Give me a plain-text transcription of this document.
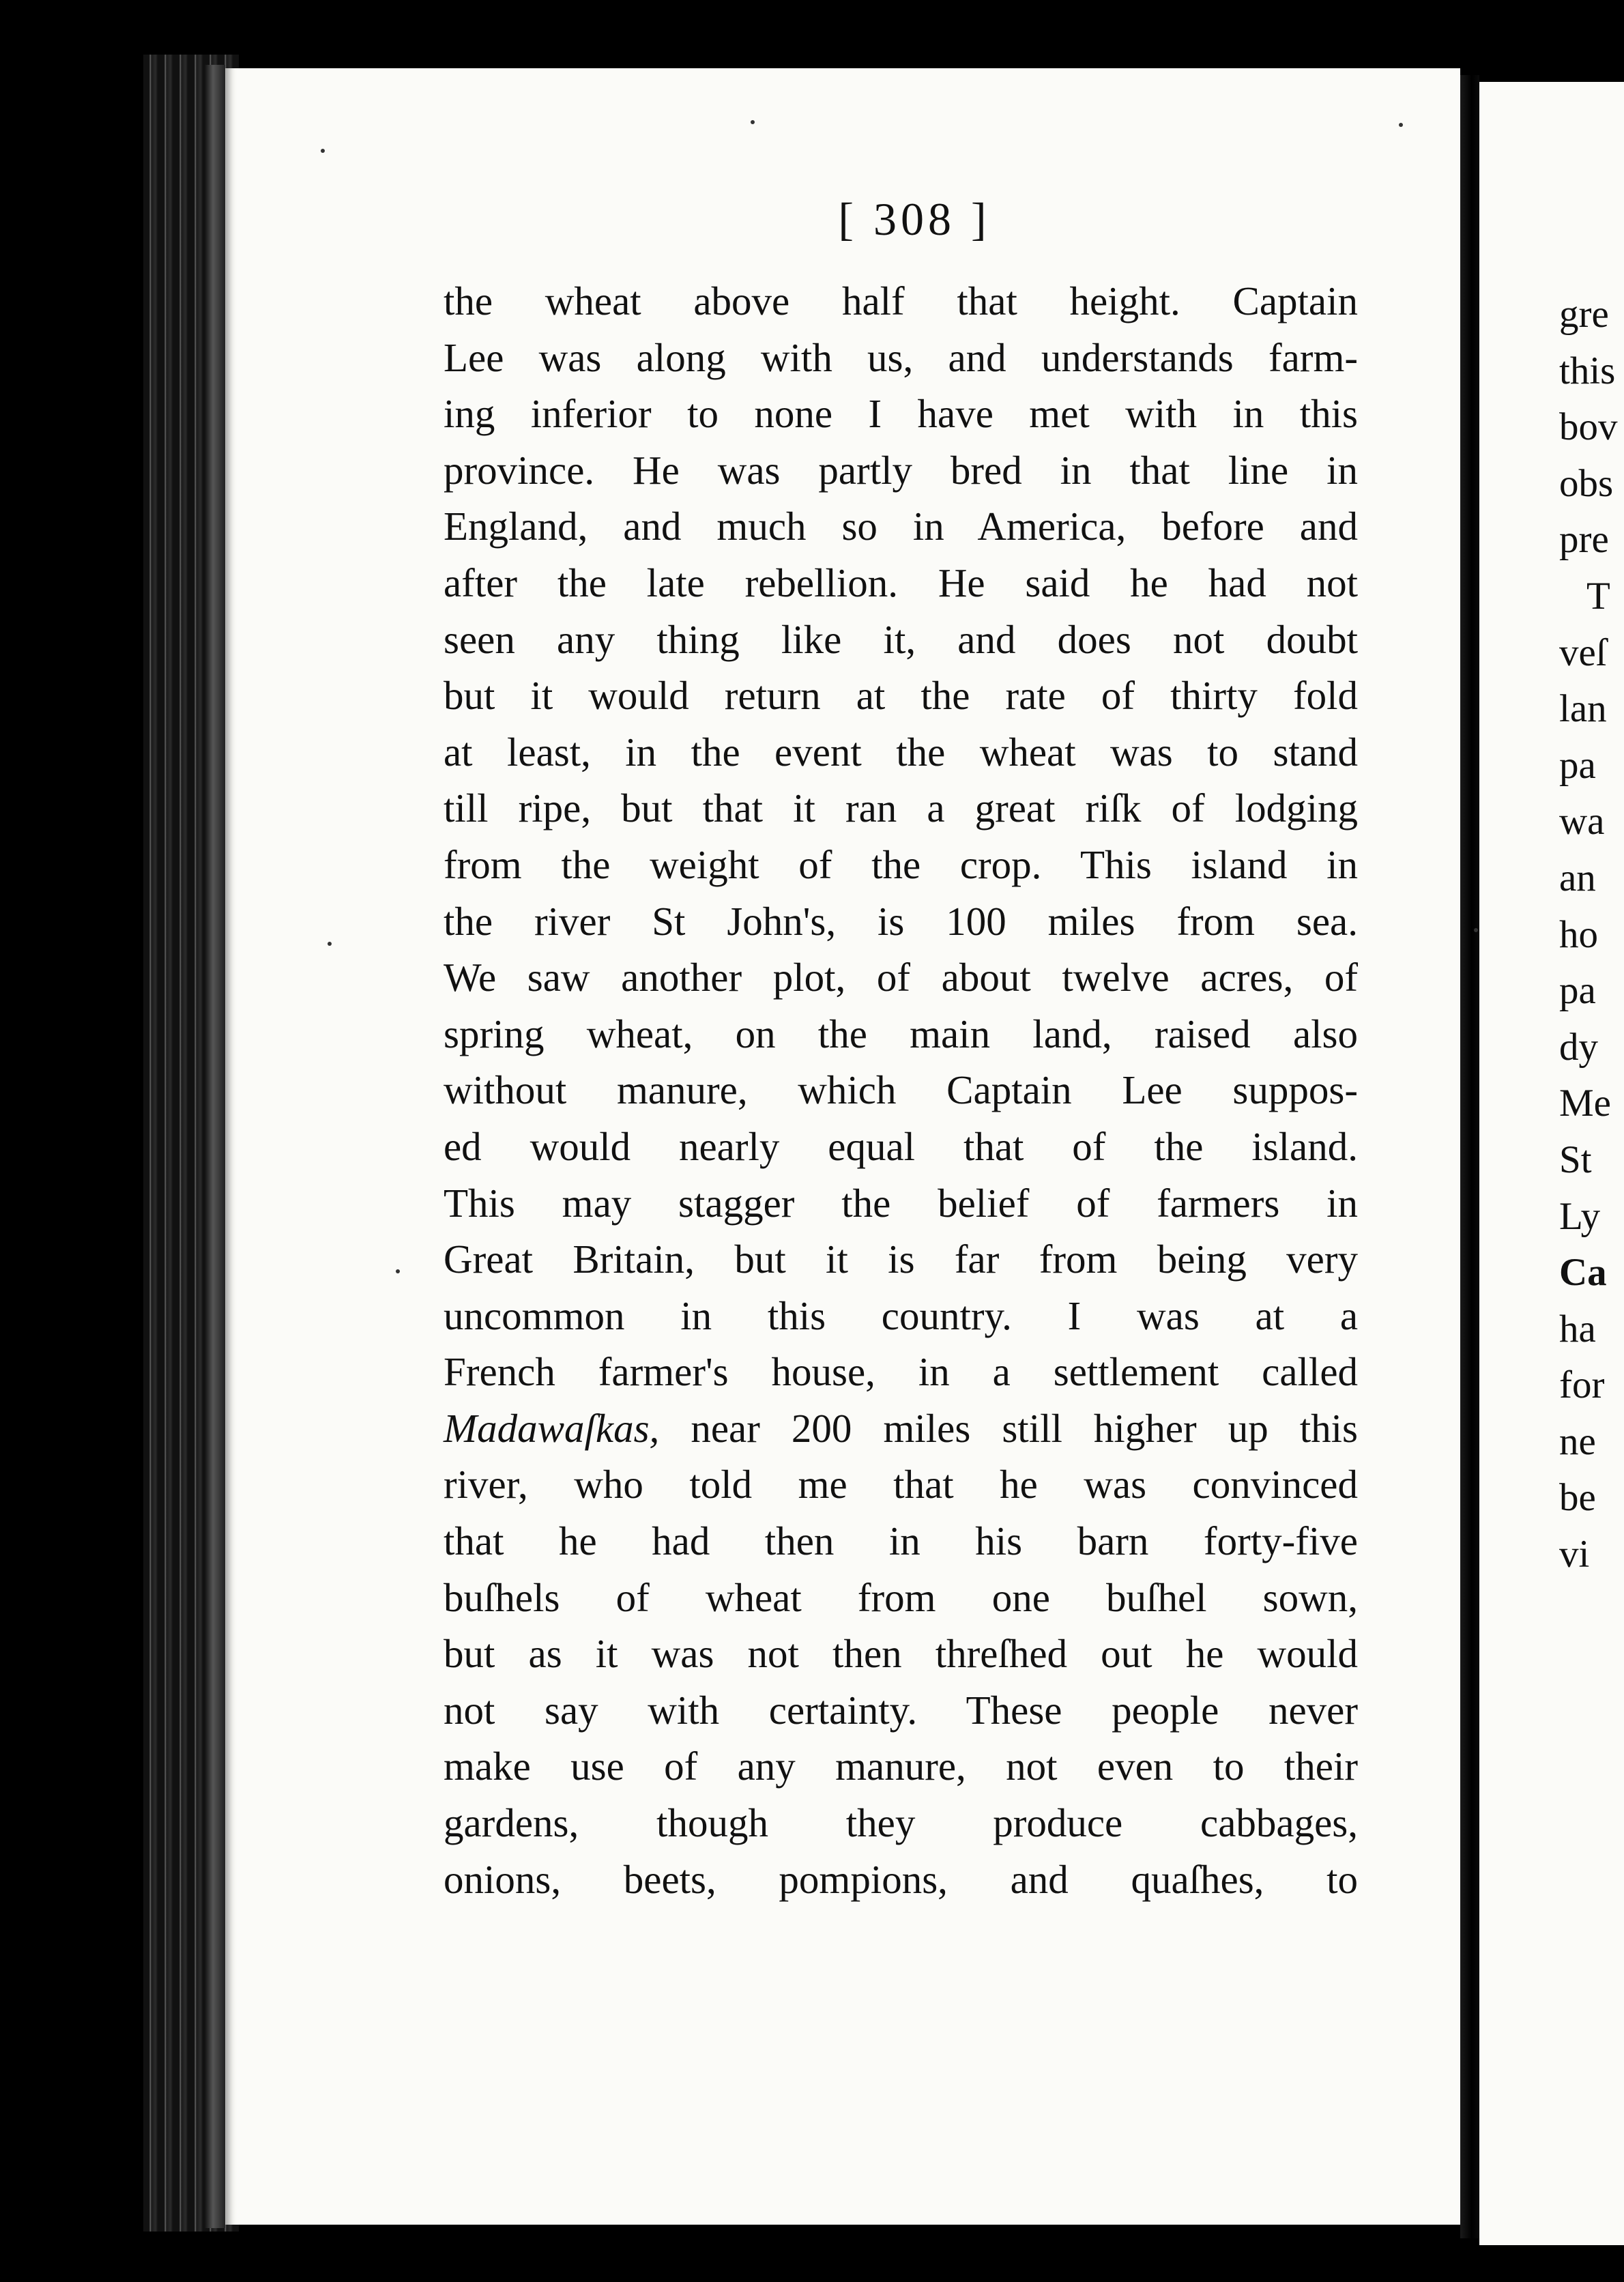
[ 308 ]
the wheat above half that height. Captain
Lee was along with us, and understands farm-
ing inferior to none I have met with in this
province. He was partly bred in that line in
England, and much so in America, before and
after the late rebellion. He said he had not
seen any thing like it, and does not doubt
but it would return at the rate of thirty fold
at least, in the event the wheat was to stand
till ripe, but that it ran a great riſk of lodging
from the weight of the crop. This island in
the river St John's, is 100 miles from sea.
We saw another plot, of about twelve acres, of
spring wheat, on the main land, raised also
without manure, which Captain Lee suppos-
ed would nearly equal that of the island.
This may stagger the belief of farmers in
Great Britain, but it is far from being very
uncommon in this country. I was at a
French farmer's house, in a settlement called
Madawaſkas, near 200 miles still higher up this
river, who told me that he was convinced
that he had then in his barn forty-five
buſhels of wheat from one buſhel sown,
but as it was not then threſhed out he would
not say with certainty. These people never
make use of any manure, not even to their
gardens, though they produce cabbages,
onions, beets, pompions, and quaſhes, to
gre
this
bov
obs
pre
T
veſ
lan
pa
wa
an
ho
pa
dy
Me
St
Ly
Ca
ha
for
ne
be
vi
